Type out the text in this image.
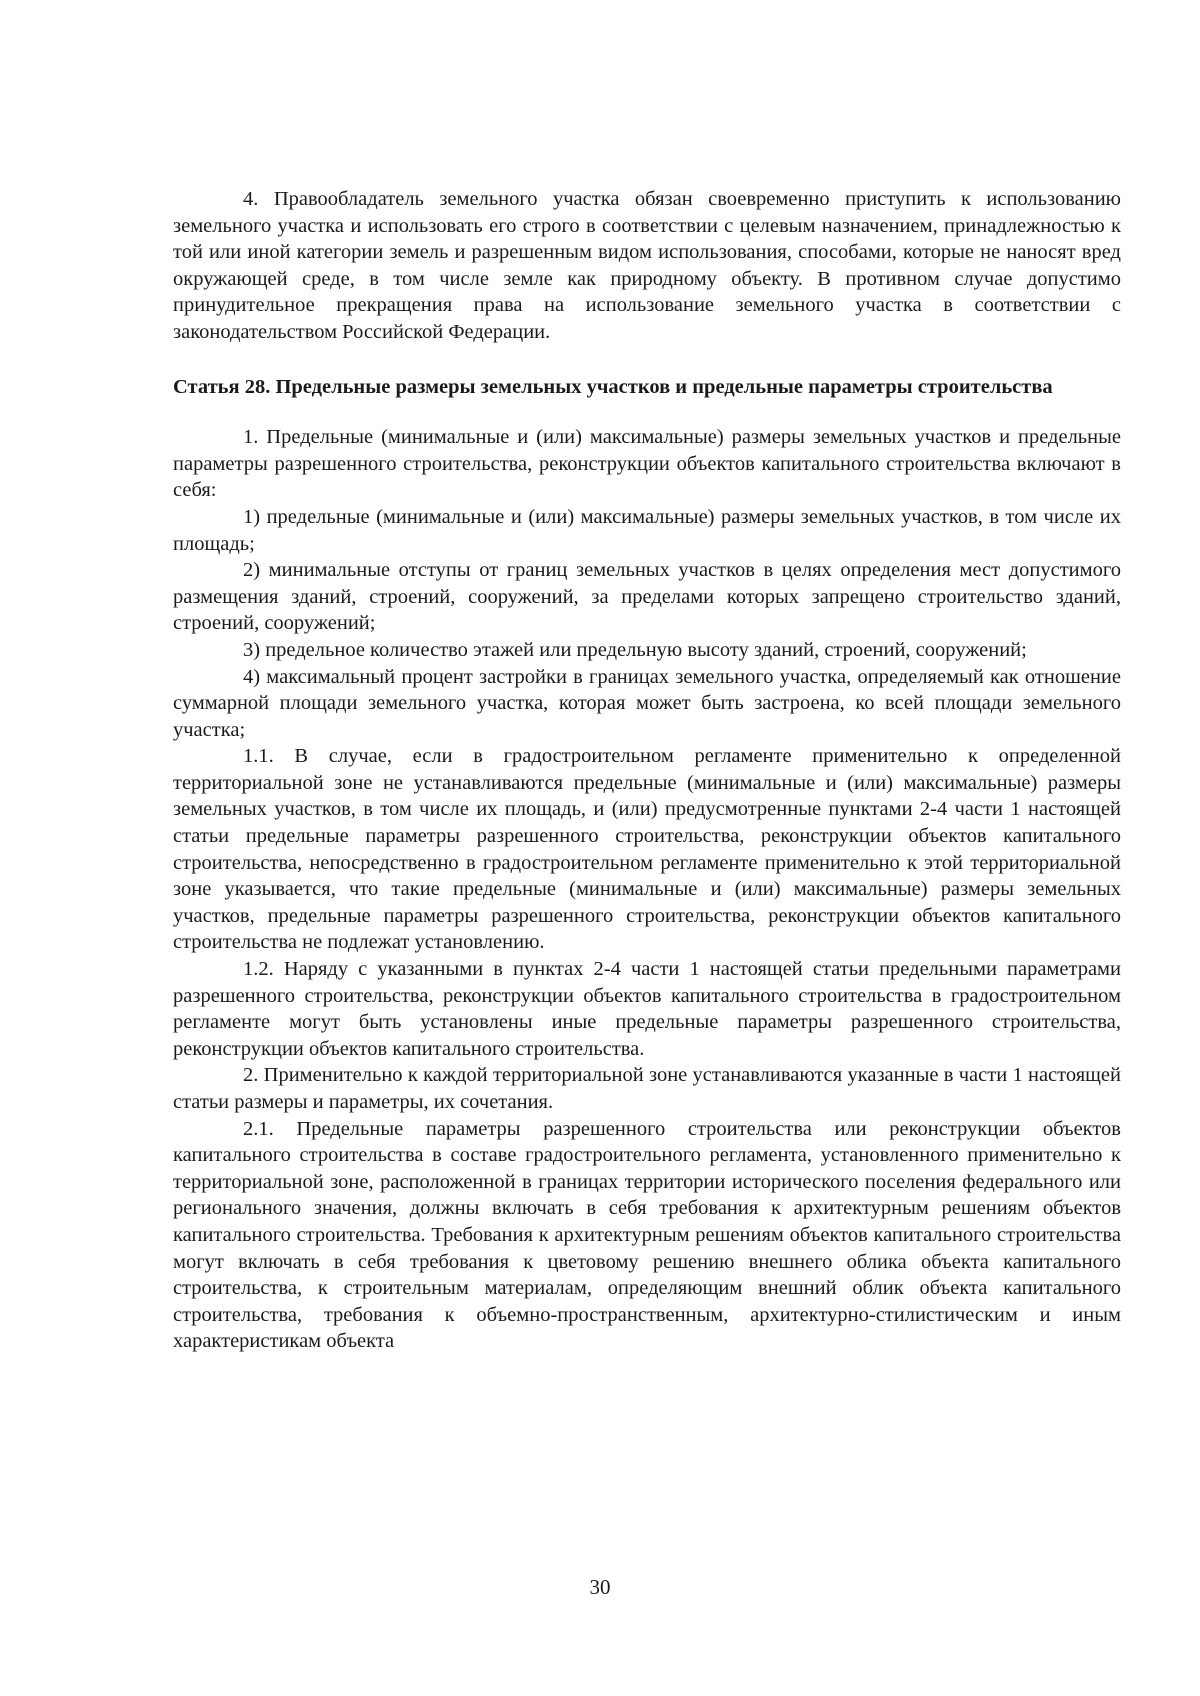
4. Правообладатель земельного участка обязан своевременно приступить к использованию земельного участка и использовать его строго в соответствии с целевым назначением, принадлежностью к той или иной категории земель и разрешенным видом использования, способами, которые не наносят вред окружающей среде, в том числе земле как природному объекту. В противном случае допустимо принудительное прекращения права на использование земельного участка в соответствии с законодательством Российской Федерации.

Статья 28. Предельные размеры земельных участков и предельные параметры строительства

1. Предельные (минимальные и (или) максимальные) размеры земельных участков и предельные параметры разрешенного строительства, реконструкции объектов капитального строительства включают в себя:

1) предельные (минимальные и (или) максимальные) размеры земельных участков, в том числе их площадь;

2) минимальные отступы от границ земельных участков в целях определения мест допустимого размещения зданий, строений, сооружений, за пределами которых запрещено строительство зданий, строений, сооружений;

3) предельное количество этажей или предельную высоту зданий, строений, сооружений;

4) максимальный процент застройки в границах земельного участка, определяемый как отношение суммарной площади земельного участка, которая может быть застроена, ко всей площади земельного участка;

1.1. В случае, если в градостроительном регламенте применительно к определенной территориальной зоне не устанавливаются предельные (минимальные и (или) максимальные) размеры земельных участков, в том числе их площадь, и (или) предусмотренные пунктами 2-4 части 1 настоящей статьи предельные параметры разрешенного строительства, реконструкции объектов капитального строительства, непосредственно в градостроительном регламенте применительно к этой территориальной зоне указывается, что такие предельные (минимальные и (или) максимальные) размеры земельных участков, предельные параметры разрешенного строительства, реконструкции объектов капитального строительства не подлежат установлению.

1.2. Наряду с указанными в пунктах 2-4 части 1 настоящей статьи предельными параметрами разрешенного строительства, реконструкции объектов капитального строительства в градостроительном регламенте могут быть установлены иные предельные параметры разрешенного строительства, реконструкции объектов капитального строительства.

2. Применительно к каждой территориальной зоне устанавливаются указанные в части 1 настоящей статьи размеры и параметры, их сочетания.

2.1. Предельные параметры разрешенного строительства или реконструкции объектов капитального строительства в составе градостроительного регламента, установленного применительно к территориальной зоне, расположенной в границах территории исторического поселения федерального или регионального значения, должны включать в себя требования к архитектурным решениям объектов капитального строительства. Требования к архитектурным решениям объектов капитального строительства могут включать в себя требования к цветовому решению внешнего облика объекта капитального строительства, к строительным материалам, определяющим внешний облик объекта капитального строительства, требования к объемно-пространственным, архитектурно-стилистическим и иным характеристикам объекта

30
